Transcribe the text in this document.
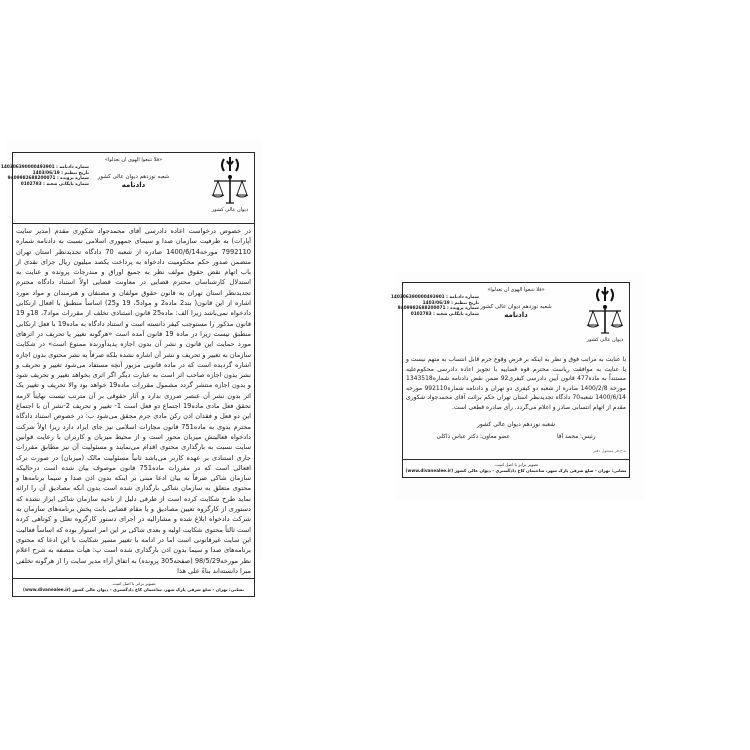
دیوان عالی کشور
«فلا تتبعوا الهوی ان تعدلوا»
شعبه نوزدهم دیوان عالی کشور
دادنامه
شماره دادنامه : 140306390000493901
تاریخ تنظیم : 1403/06/19
شماره پرونده : 9409982688200071
شماره بایگانی شعبه : 0102783
در خصوص درخواست اعاده دادرسی آقای محمدجواد شکوری مقدم (مدیر سایت آپارات) به طرفیت سازمان صدا و سیمای جمهوری اسلامی نسبت به دادنامه شماره 7992110 مورخه1400/6/14 صادره از شعبه 70 دادگاه تجدیدنظر استان تهران متضمن صدور حکم محکومیت دادخواه به پرداخت یکصد میلیون ریال جزای نقدی از باب اتهام نقض حقوق مولف نظر به جمیع اوراق و مندرجات پرونده و عنایت به استدلال کارشناسان محترم قضایی در معاونت قضایی اولاً استناد دادگاه محترم تجدیدنظر استان تهران به قانون حقوق مولفان و مصنفان و هنرمندان و مواد مورد اشاره از این قانون( بند2 ماده2 و مواد5، 19 و25) اساساً منطبق با افعال ارتکابی دادخواه نمی‌باشد زیرا الف: ماده25 قانون استنادی تخلف از مقررات مواد7، 18و 19 قانون مذکور را مستوجب کیفر دانسته است و استناد دادگاه به ماده19 با فعل ارتکابی منطبق نیست زیرا در ماده 19 قانون آمده است «هرگونه تغییر یا تحریف در اثرهای مورد حمایت این قانون و نشر آن بدون اجازه پدیدآورنده ممنوع است» در شکایت سازمان به تغییر و تحریف و نشر آن اشاره نشده بلکه صرفاً به نشر محتوی بدون اجازه اشاره گردیده است که در ماده قانونی مزبور آنچه مستفاد می‌شود تغییر و تحریف و نشر بدون اجازه صاحب اثر است به عبارت دیگر اگر اثری بخواهد تغییر و تحریف شود و بدون اجازه منتشر گردد مشمول مقررات ماده19 خواهد بود والا تحریف و تغییر یک اثر بدون نشر آن عنصر ضرری ندارد و آثار حقوقی بر آن مترتب نیست نهایتاً لازمه تحقق فعل مادی ماده19 اجتماع دو فعل است 1- تغییر و تحریف 2-نشر آن با اجتماع این دو فعل و فقدان اذن رکن مادی جرم محقق می‌شود ب: در خصوص استناد دادگاه محترم بدوی به ماده751 قانون مجازات اسلامی نیز جای ایراد دارد زیرا اولاً شرکت دادخواه فعالیتش میزبان محور است و از محیط میزبان و کاربران با رعایت قوانین سایت نسبت به بارگذاری محتوی اقدام می‌نمایند و مسئولیت آن نیز مطابق مقررات جاری استنادی بر عهده کاربر می‌باشد ثانیاً مسئولیت مالک (میزبان) در صورت ترک افعالی است که در مقررات ماده751 قانون موصوف بیان شده است درحالیکه سازمان شاکی صرفاً به بیان ادعا مبنی بر اینکه بدون اذن صدا و سیما برنامه‌ها و محتوی متعلق به سازمان شاکی بارگذاری شده است بدون آنکه مصادیق آن را ارائه نماید طرح شکایت کرده است از طرفی دلیل از ناحیه سازمان شاکی ابراز نشده که دستوری از کارگروه تعیین مصادیق و یا مقام قضایی بابت پخش برنامه‌های سازمان به شرکت دادخواه ابلاغ شده و مشارالیه در اجرای دستور کارگروه تعلل و کوتاهی کرده است ثالثاً محتوی شکایت اولیه و بعدی شاکی بر این امر استوار بوده که اساساً فعالیت این سایت غیرقانونی است اما در ادامه با تغییر مسیر شکایت با این ادعا که محتوی برنامه‌های صدا و سیما بدون اذن بارگذاری شده است پ: هیأت منصفه به شرح اعلام نظر مورخه98/5/29 (صفحه305 پرونده) به اتفاق آراء مدیر سایت را از هرگونه تخلفی مبرا دانسته‌اند بناءً علی هذا
تصویر برابر با اصل است.
نشانی: تهران - ضلع شرقی پارک شهر، ساختمان کاخ دادگستری - دیوان عالی کشور (www.divanealee.ir)
دیوان عالی کشور
«فلا تتبعوا الهوی ان تعدلوا»
شعبه نوزدهم دیوان عالی کشور
دادنامه
شماره دادنامه : 140306390000493901
تاریخ تنظیم : 1403/06/19
شماره پرونده : 9409982688200071
شماره بایگانی شعبه : 0102783
با عنایت به مراتب فوق و نظر به اینکه بر فرض وقوع جرم قابل انتساب به متهم نیست و با عنایت به موافقت ریاست محترم قوه قضاییه با تجویز اعاده دادرسی محکوم‌علیه مستنداً به ماده477 قانون آیین دادرسی کیفری92 ضمن نقض دادنامه شماره1343518 مورخه 1400/2/8 صادره از شعبه دو کیفری دو تهران و دادنامه شماره992110 مورخه 1400/6/14 شعبه70 دادگاه تجدیدنظر استان تهران حکم برائت آقای محمدجواد شکوری مقدم از اتهام انتسابی صادر و اعلام می‌گردد. رأی صادره قطعی است.
شعبه نوزدهم دیوان عالی کشور
رئیس: محمد آقا
عضو معاون: دکتر عباس ذاکلی
ه.ح.فر.مسئول دفتر
تصویر برابر با اصل است.
نشانی: تهران - ضلع شرقی پارک شهر، ساختمان کاخ دادگستری - دیوان عالی کشور (www.divanealee.ir)
